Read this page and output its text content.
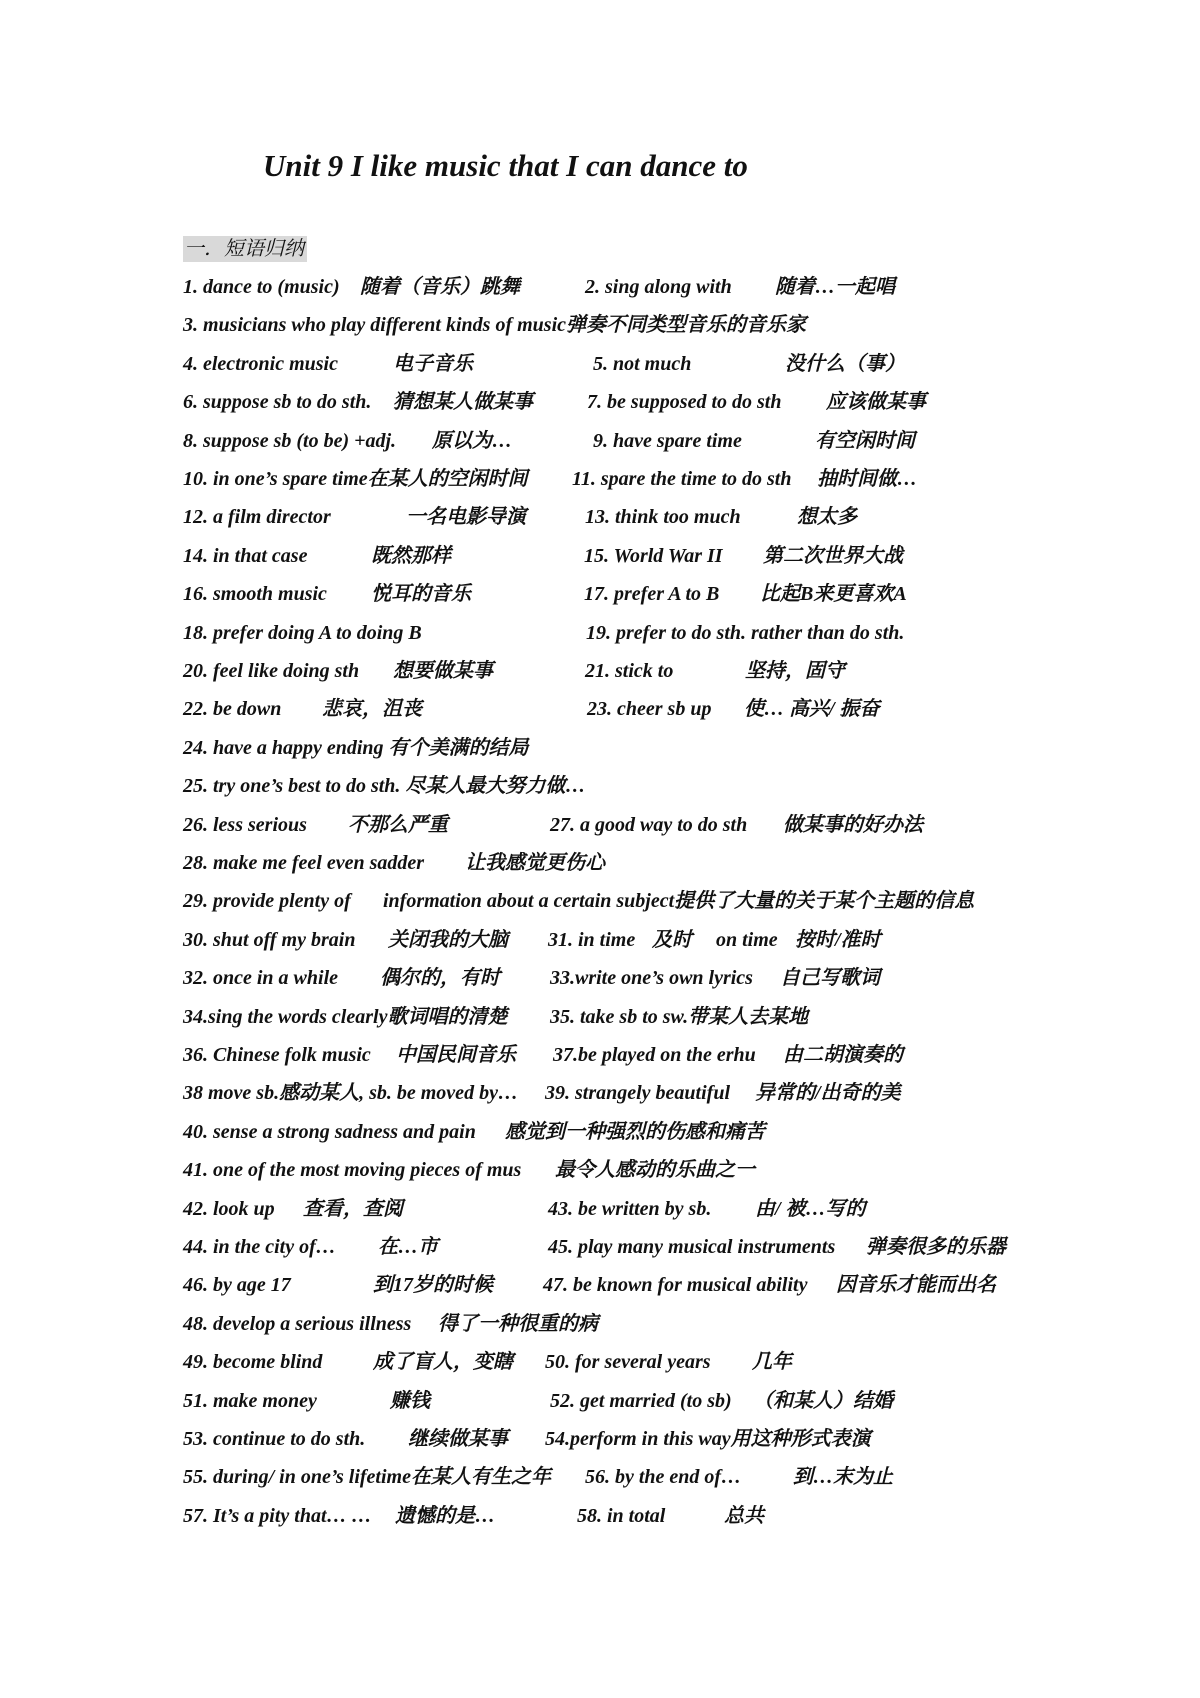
Unit 9 I like music that I can dance to
一．短语归纳
1. dance to (music) 随着（音乐）跳舞	2. sing along with 随着…一起唱
3. musicians who play different kinds of music弹奏不同类型音乐的音乐家
4. electronic music	电子音乐	5. not much	没什么（事）
6. suppose sb to do sth. 猜想某人做某事	7. be supposed to do sth 应该做某事
8. suppose sb (to be) +adj. 原以为…	9. have spare time	有空闲时间
10. in one’s spare time在某人的空闲时间 11. spare the time to do sth 抽时间做…
12. a film director	一名电影导演	13. think too much	想太多
14. in that case	既然那样	15. World War II 第二次世界大战
16. smooth music 悦耳的音乐	17. prefer A to B 比起B来更喜欢A
18. prefer doing A to doing B	19. prefer to do sth. rather than do sth.
20. feel like doing sth 想要做某事	21. stick to	坚持，固守
22. be down 悲哀，沮丧	23. cheer sb up 使… 高兴/ 振奋
24. have a happy ending 有个美满的结局
25. try one’s best to do sth. 尽某人最大努力做…
26. less serious 不那么严重	27. a good way to do sth 做某事的好办法
28. make me feel even sadder 让我感觉更伤心
29. provide plenty of information about a certain subject提供了大量的关于某个主题的信息
30. shut off my brain 关闭我的大脑 31. in time 及时 on time 按时/准时
32. once in a while 偶尔的，有时	33.write one’s own lyrics 自己写歌词
34.sing the words clearly歌词唱的清楚 35. take sb to sw.带某人去某地
36. Chinese folk music 中国民间音乐 37.be played on the erhu 由二胡演奏的
38 move sb.感动某人, sb. be moved by… 39. strangely beautiful 异常的/出奇的美
40. sense a strong sadness and pain 感觉到一种强烈的伤感和痛苦
41. one of the most moving pieces of mus 最令人感动的乐曲之一
42. look up 查看，查阅	43. be written by sb. 由/ 被…写的
44. in the city of… 在…市	45. play many musical instruments 弹奏很多的乐器
46. by age 17	到17岁的时候	47. be known for musical ability 因音乐才能而出名
48. develop a serious illness 得了一种很重的病
49. become blind	成了盲人，变瞎 50. for several years 几年
51. make money	赚钱	52. get married (to sb) （和某人）结婚
53. continue to do sth. 继续做某事 54.perform in this way用这种形式表演
55. during/ in one’s lifetime在某人有生之年 56. by the end of…	到…末为止
57. It’s a pity that… … 遗憾的是…	58. in total	总共
